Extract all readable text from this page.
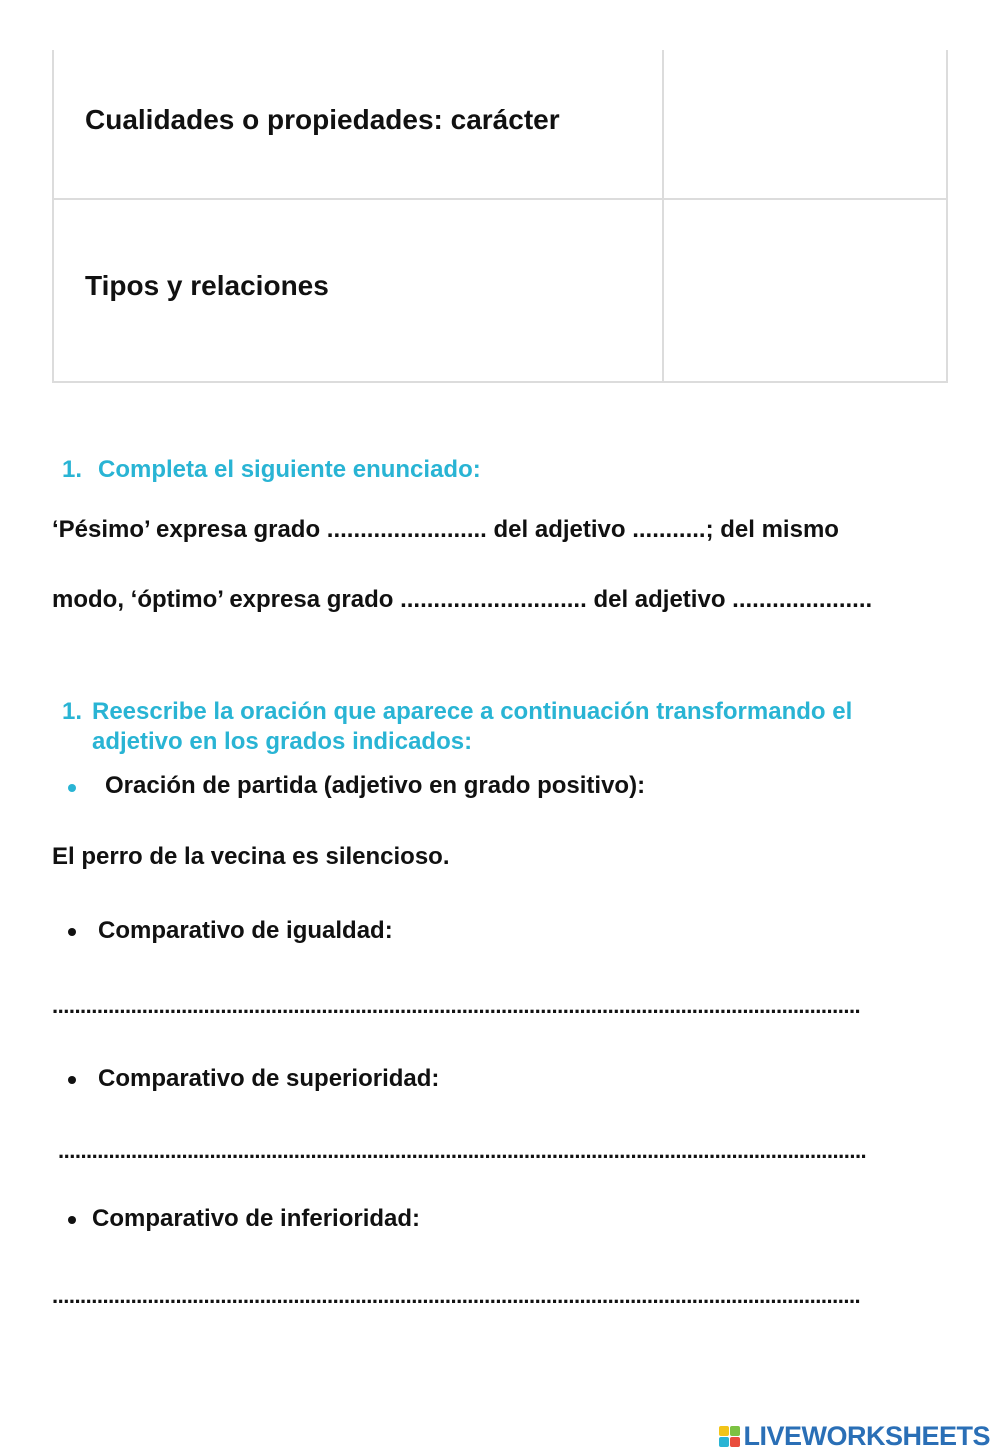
Cualidades o propiedades: carácter
Tipos y relaciones
1. Completa el siguiente enunciado:
‘Pésimo’ expresa grado ........................ del adjetivo ...........; del mismo
modo, ‘óptimo’ expresa grado ............................ del adjetivo .....................
1. Reescribe la oración que aparece a continuación transformando el
adjetivo en los grados indicados:
Oración de partida (adjetivo en grado positivo):
El perro de la vecina es silencioso.
Comparativo de igualdad:
................................................................................................................................................
Comparativo de superioridad:
................................................................................................................................................
Comparativo de inferioridad:
................................................................................................................................................
LIVEWORKSHEETS
